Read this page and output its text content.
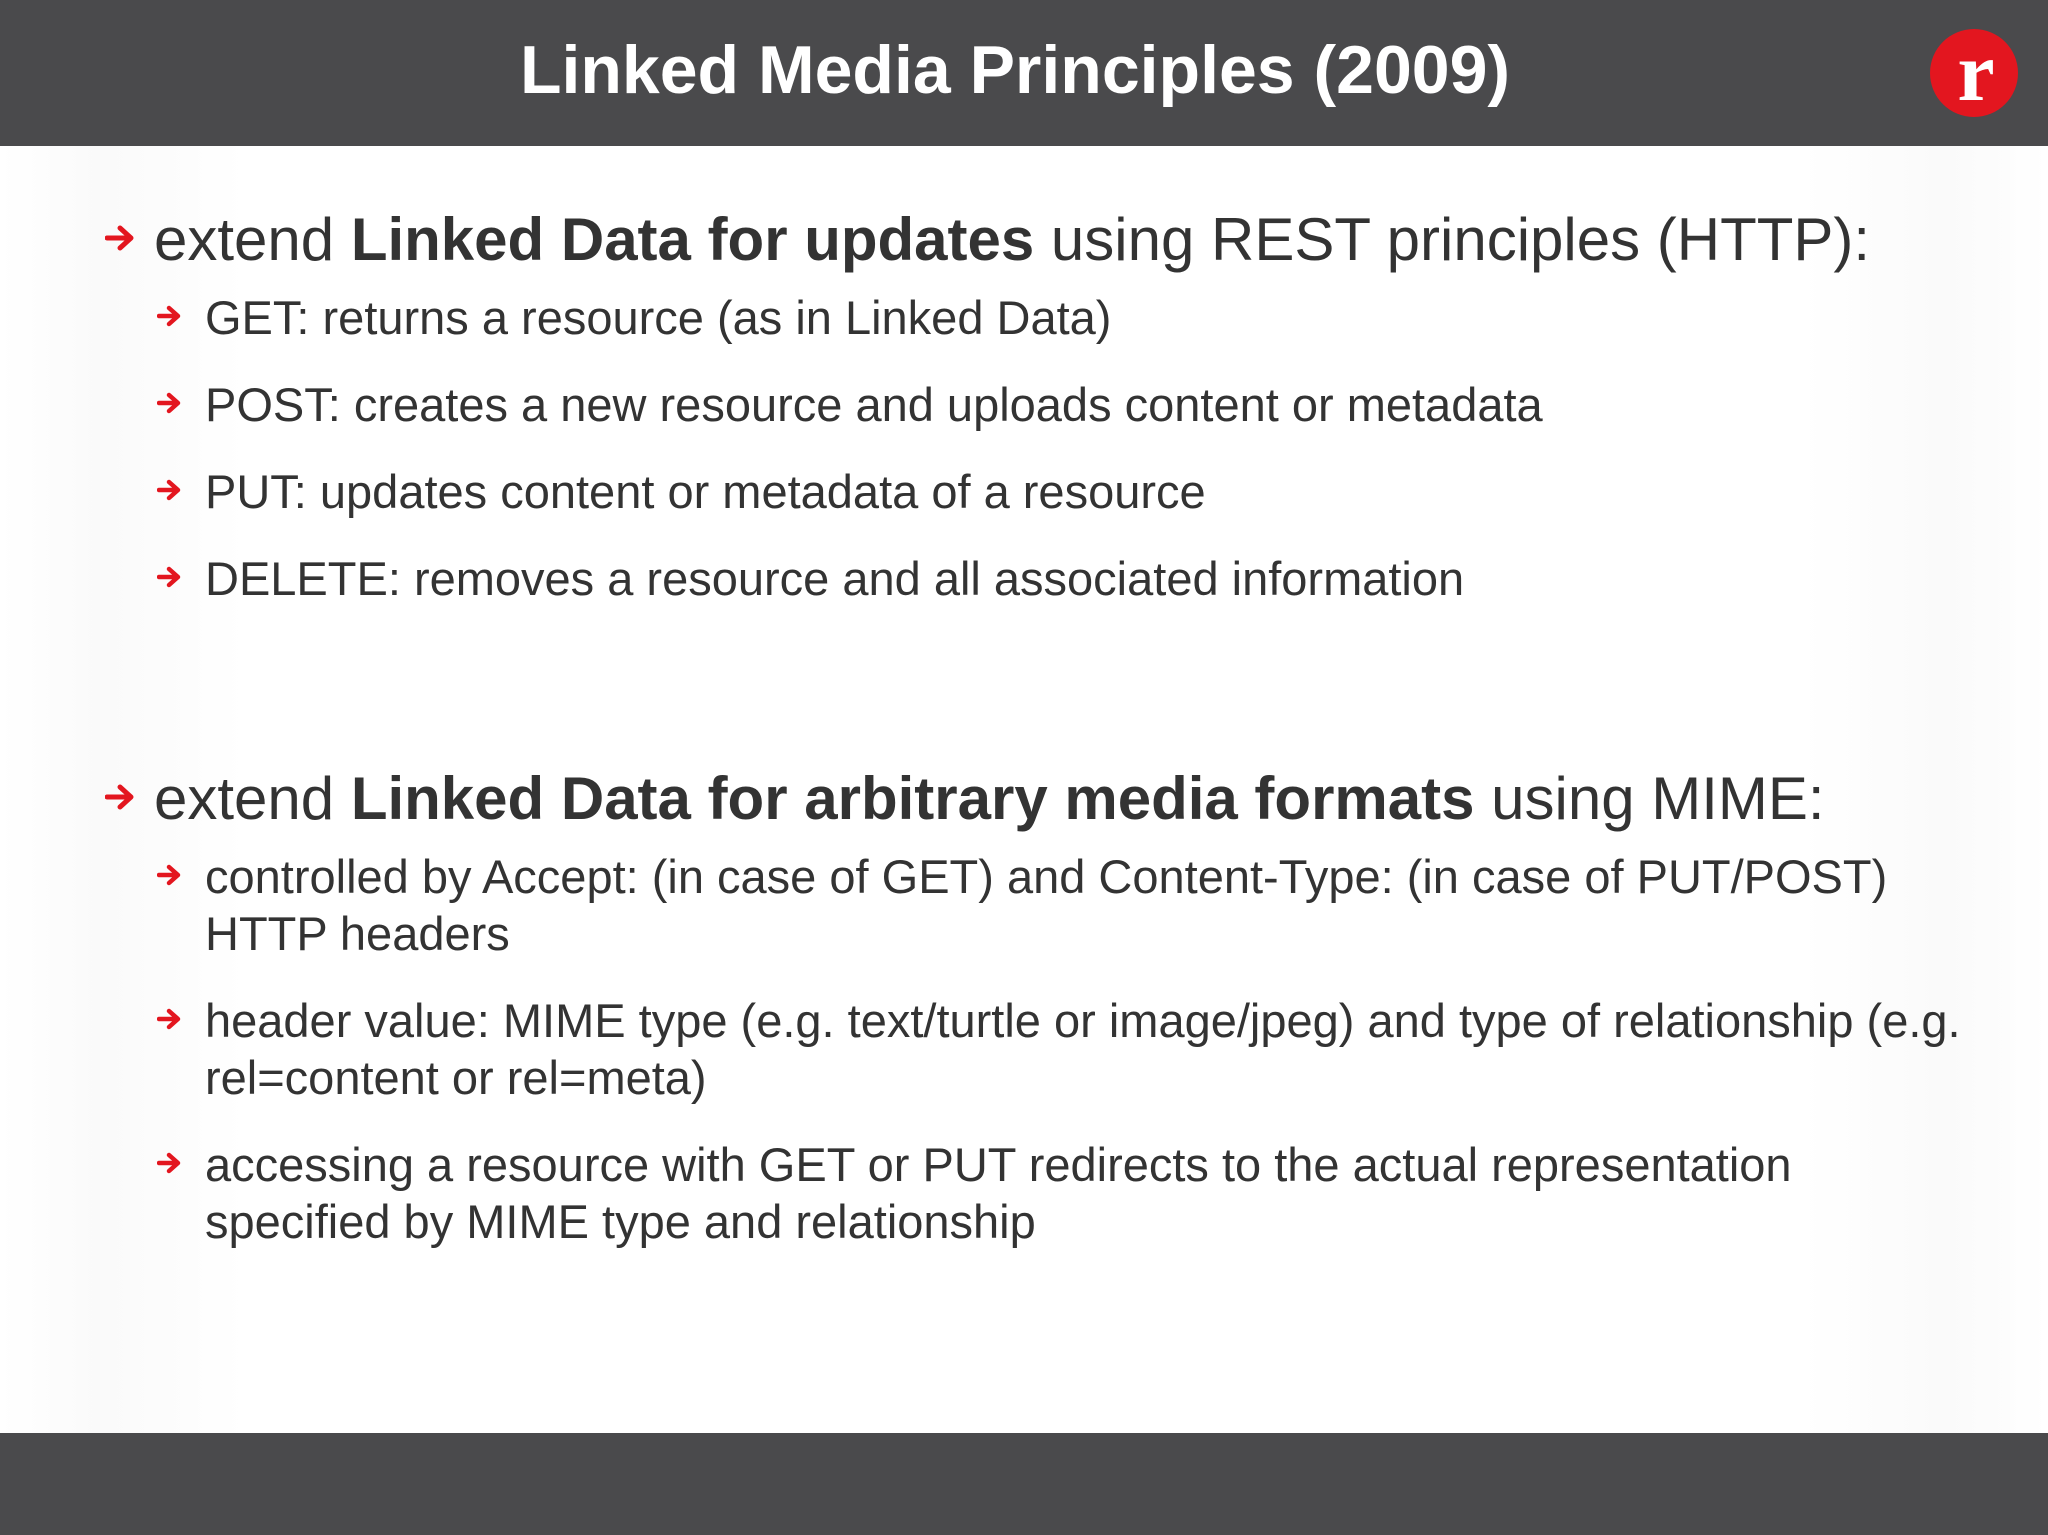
Linked Media Principles (2009)	r
extend Linked Data for updates using REST principles (HTTP):
GET: returns a resource (as in Linked Data)
POST: creates a new resource and uploads content or metadata
PUT: updates content or metadata of a resource
DELETE: removes a resource and all associated information
extend Linked Data for arbitrary media formats using MIME:
controlled by Accept: (in case of GET) and Content-Type: (in case of PUT/POST) HTTP headers
header value: MIME type (e.g. text/turtle or image/jpeg) and type of relationship (e.g. rel=content or rel=meta)
accessing a resource with GET or PUT redirects to the actual representation specified by MIME type and relationship
